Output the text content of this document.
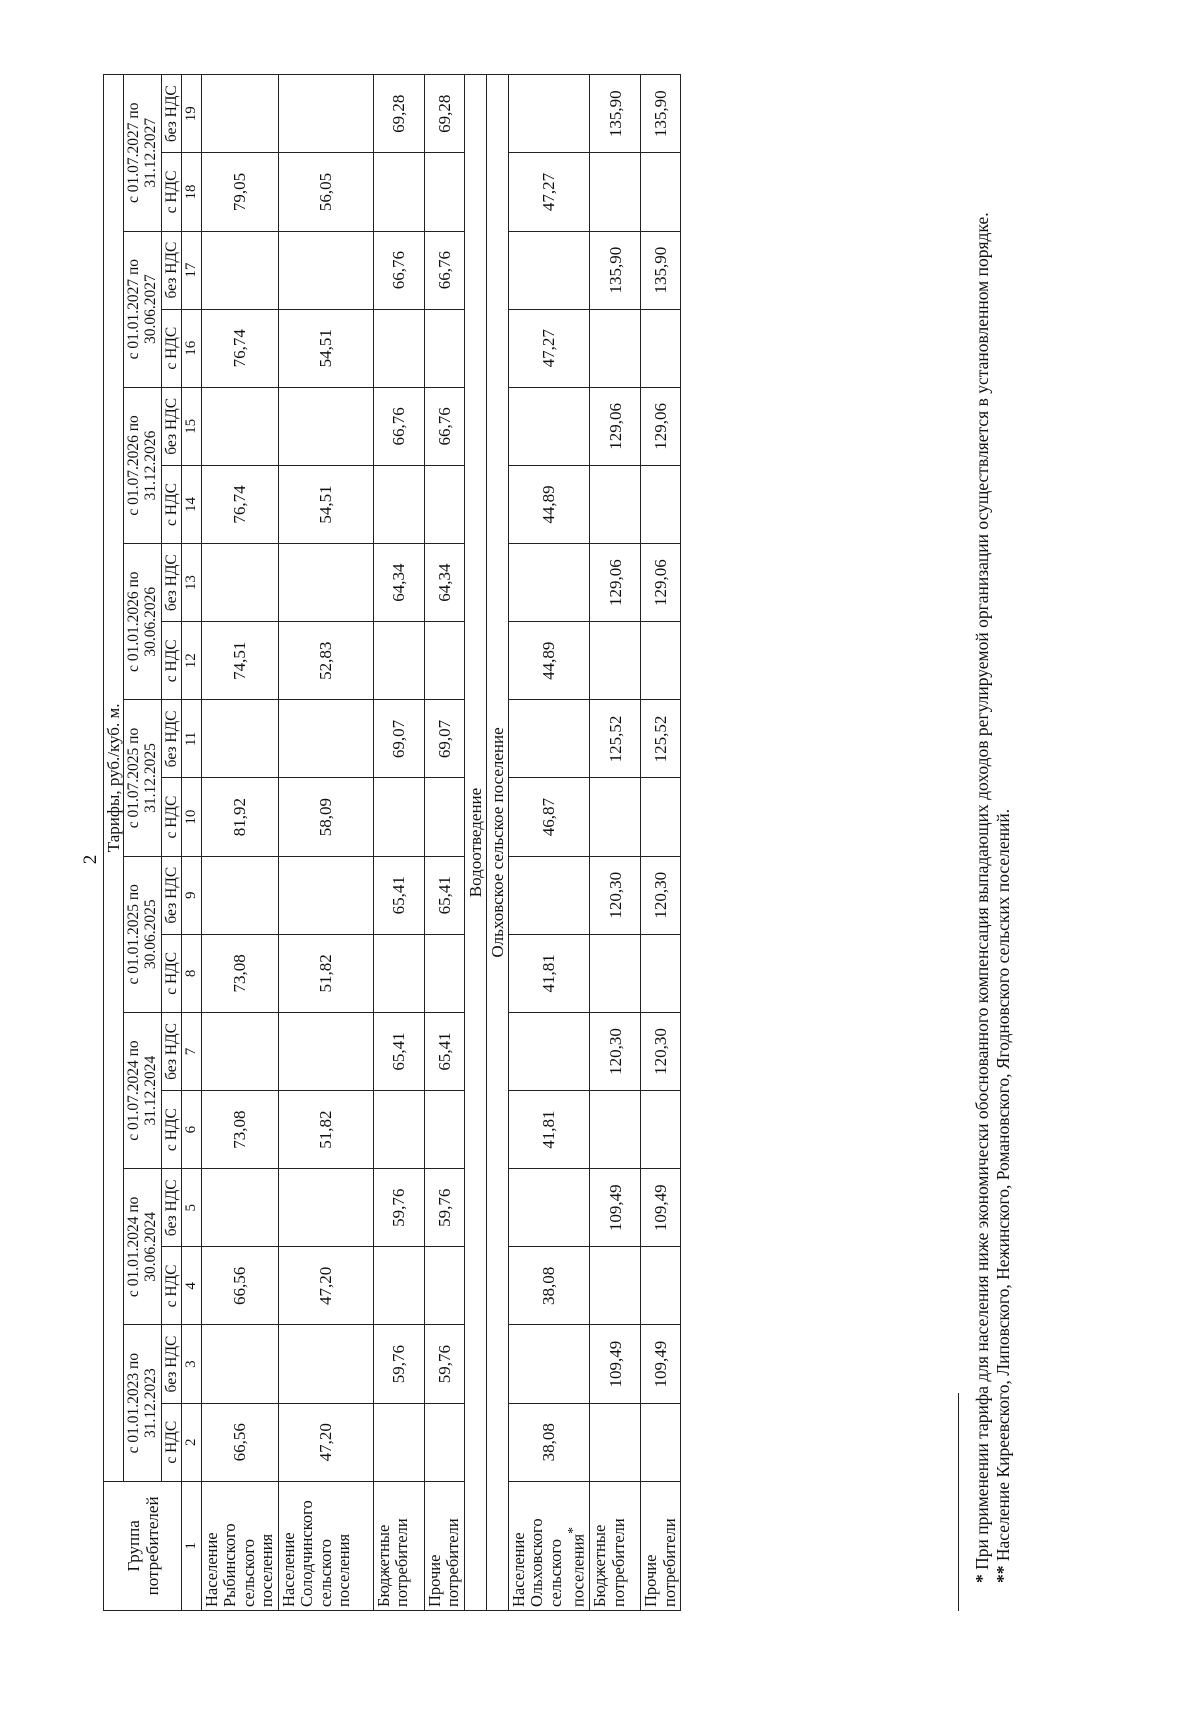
2
Группа потребителей	Тарифы, руб./куб. м.																	
	с 01.01.2023 по 31.12.2023		с 01.01.2024 по 30.06.2024		с 01.07.2024 по 31.12.2024		с 01.01.2025 по 30.06.2025		с 01.07.2025 по 31.12.2025		с 01.01.2026 по 30.06.2026		с 01.07.2026 по 31.12.2026		с 01.01.2027 по 30.06.2027		с 01.07.2027 по 31.12.2027	
	с НДС	без НДС	с НДС	без НДС	с НДС	без НДС	с НДС	без НДС	с НДС	без НДС	с НДС	без НДС	с НДС	без НДС	с НДС	без НДС	с НДС	без НДС
1	2	3	4	5	6	7	8	9	10	11	12	13	14	15	16	17	18	19
Население Рыбинского сельского поселения	66,56		66,56		73,08		73,08		81,92		74,51		76,74		76,74		79,05	
Население Солодчинского сельского поселения	47,20		47,20		51,82		51,82		58,09		52,83		54,51		54,51		56,05	
Бюджетные потребители		59,76		59,76		65,41		65,41		69,07		64,34		66,76		66,76		69,28
Прочие потребители		59,76		59,76		65,41		65,41		69,07		64,34		66,76		66,76		69,28
Водоотведение																		
Ольховское сельское поселение																		
Население Ольховского сельского поселения*	38,08		38,08		41,81		41,81		46,87		44,89		44,89		47,27		47,27	
Бюджетные потребители		109,49		109,49		120,30		120,30		125,52		129,06		129,06		135,90		135,90
Прочие потребители		109,49		109,49		120,30		120,30		125,52		129,06		129,06		135,90		135,90

* При применении тарифа для населения ниже экономически обоснованного компенсация выпадающих доходов регулируемой организации осуществляется в установленном порядке.

** Население Киреевского, Липовского, Нежинского, Романовского, Ягодновского сельских поселений.
